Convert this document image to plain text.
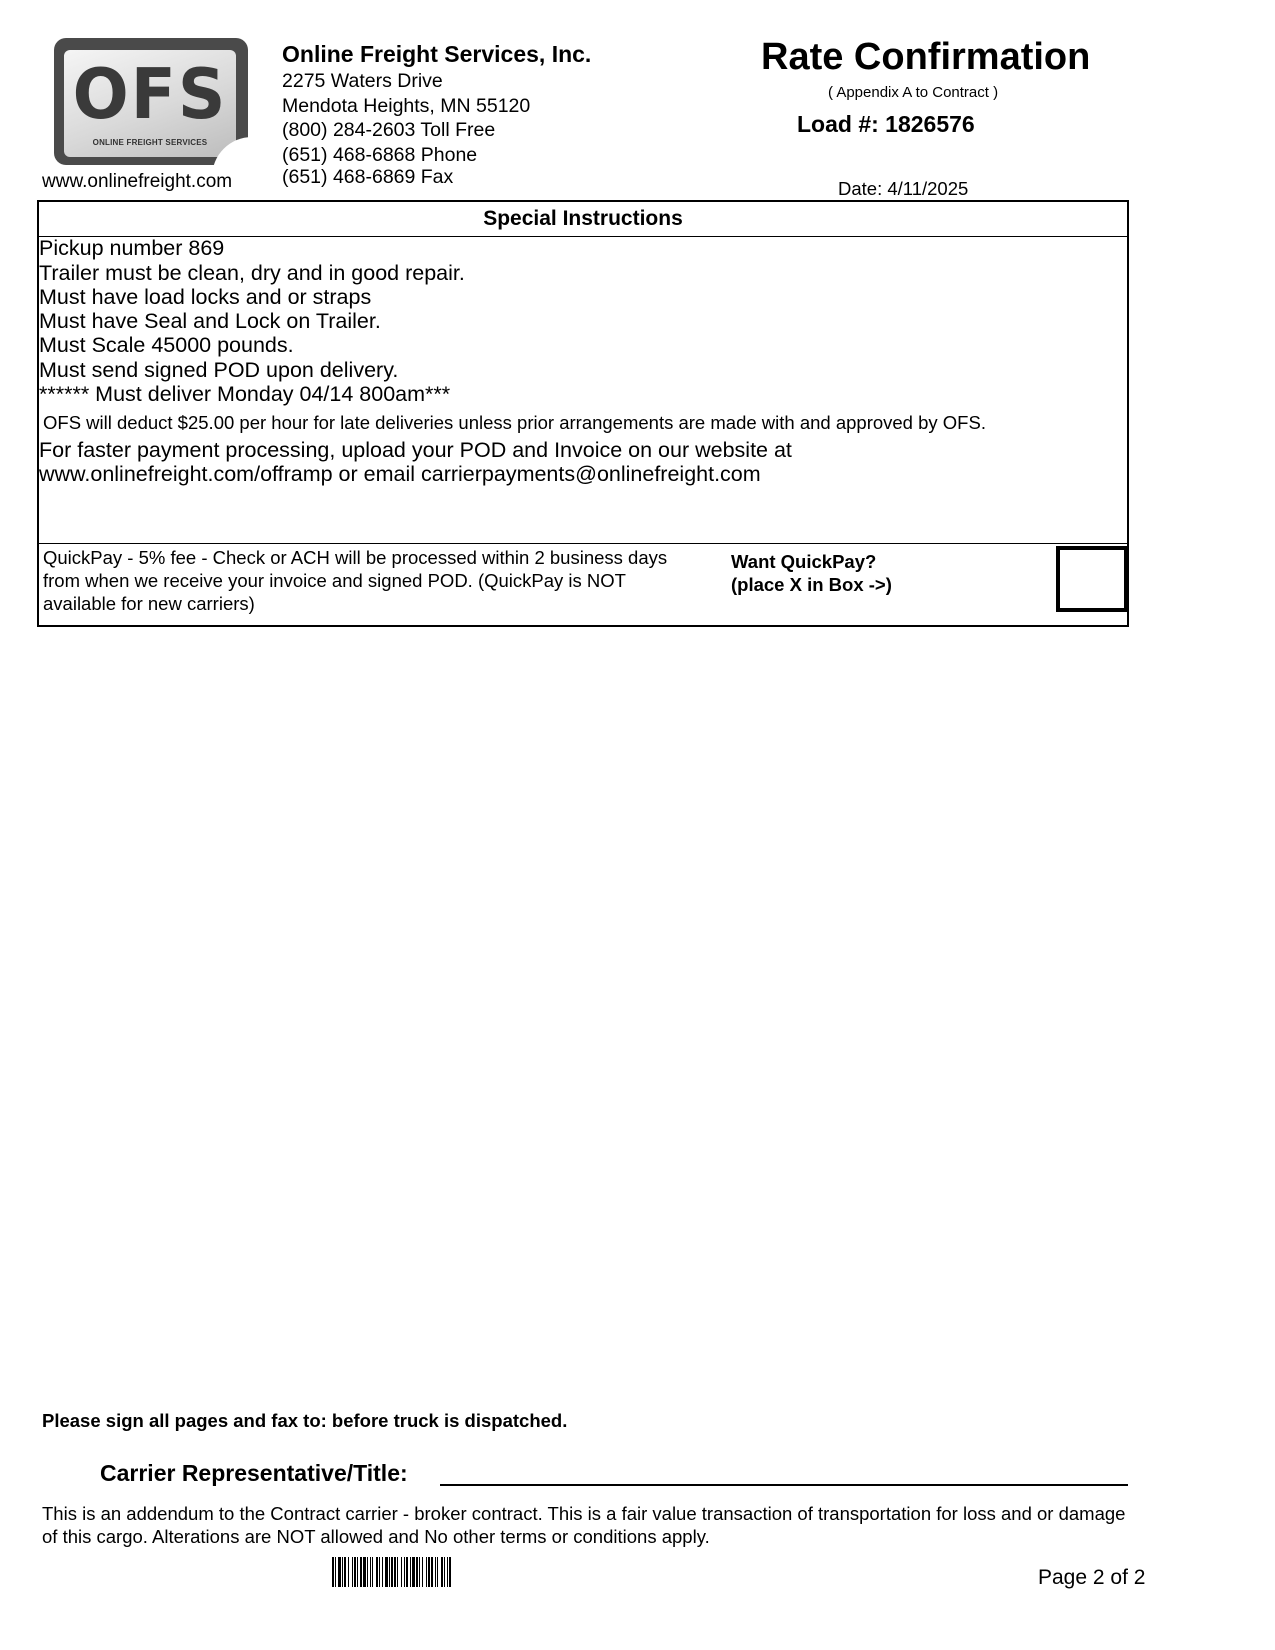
OFS
ONLINE FREIGHT SERVICES
www.onlinefreight.com
Online Freight Services, Inc.
2275 Waters Drive
Mendota Heights, MN 55120
(800) 284-2603 Toll Free
(651) 468-6868 Phone
(651) 468-6869 Fax
Rate Confirmation
( Appendix A to Contract )
Load #: 1826576
Date: 4/11/2025
Special Instructions
Pickup number 869
Trailer must be clean, dry and in good repair.
Must have load locks and or straps
Must have Seal and Lock on Trailer.
Must Scale 45000 pounds.
Must send signed POD upon delivery.
****** Must deliver Monday 04/14 800am***
OFS will deduct $25.00 per hour for late deliveries unless prior arrangements are made with and approved by OFS.
For faster payment processing, upload your POD and Invoice on our website at
www.onlinefreight.com/offramp or email carrierpayments@onlinefreight.com
QuickPay - 5% fee - Check or ACH will be processed within 2 business days from when we receive your invoice and signed POD. (QuickPay is NOT available for new carriers)
Want QuickPay?
(place X in Box ->)
Please sign all pages and fax to: before truck is dispatched.
Carrier Representative/Title:
This is an addendum to the Contract carrier - broker contract. This is a fair value transaction of transportation for loss and or damage of this cargo. Alterations are NOT allowed and No other terms or conditions apply.
Page 2 of 2
